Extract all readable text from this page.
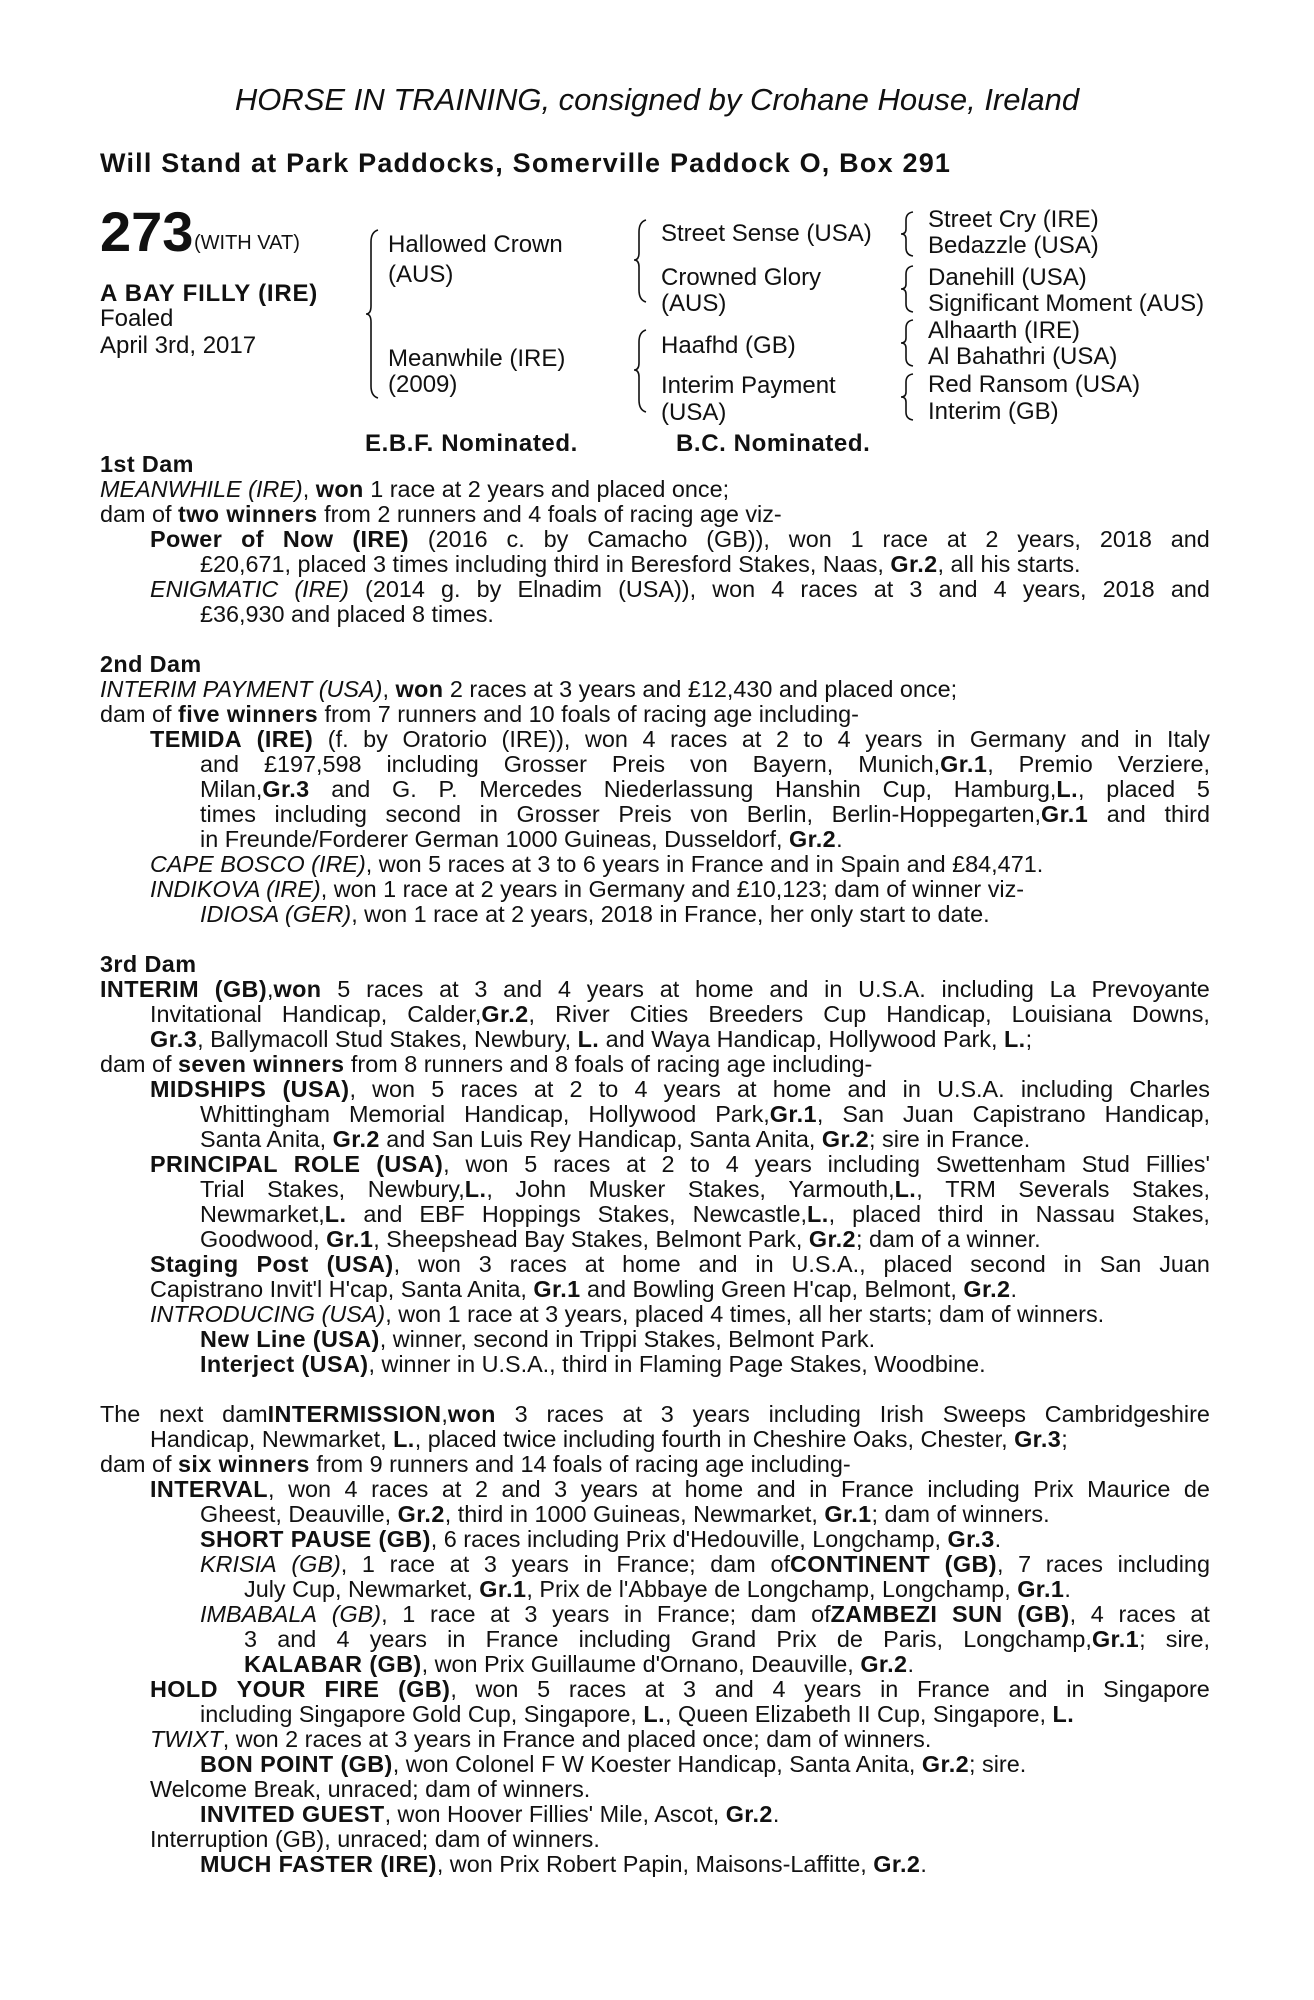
HORSE IN TRAINING, consigned by Crohane House, Ireland
Will Stand at Park Paddocks, Somerville Paddock O, Box 291
273 (WITH VAT)
A BAY FILLY (IRE)
Foaled
April 3rd, 2017
Hallowed Crown
(AUS)
Meanwhile (IRE)
(2009)
Street Sense (USA)
Crowned Glory
(AUS)
Haafhd (GB)
Interim Payment
(USA)
Street Cry (IRE)
Bedazzle (USA)
Danehill (USA)
Significant Moment (AUS)
Alhaarth (IRE)
Al Bahathri (USA)
Red Ransom (USA)
Interim (GB)
E.B.F. Nominated.	B.C. Nominated.
1st Dam
MEANWHILE (IRE), won 1 race at 2 years and placed once;
dam of two winners from 2 runners and 4 foals of racing age viz-
Power of Now (IRE) (2016 c. by Camacho (GB)), won 1 race at 2 years, 2018 and
£20,671, placed 3 times including third in Beresford Stakes, Naas, Gr.2, all his starts.
ENIGMATIC (IRE) (2014 g. by Elnadim (USA)), won 4 races at 3 and 4 years, 2018 and
£36,930 and placed 8 times.
2nd Dam
INTERIM PAYMENT (USA), won 2 races at 3 years and £12,430 and placed once;
dam of five winners from 7 runners and 10 foals of racing age including-
TEMIDA (IRE) (f. by Oratorio (IRE)), won 4 races at 2 to 4 years in Germany and in Italy
and £197,598 including Grosser Preis von Bayern, Munich,Gr.1, Premio Verziere,
Milan,Gr.3 and G. P. Mercedes Niederlassung Hanshin Cup, Hamburg,L., placed 5
times including second in Grosser Preis von Berlin, Berlin-Hoppegarten,Gr.1 and third
in Freunde/Forderer German 1000 Guineas, Dusseldorf, Gr.2.
CAPE BOSCO (IRE), won 5 races at 3 to 6 years in France and in Spain and £84,471.
INDIKOVA (IRE), won 1 race at 2 years in Germany and £10,123; dam of winner viz-
IDIOSA (GER), won 1 race at 2 years, 2018 in France, her only start to date.
3rd Dam
INTERIM (GB),won 5 races at 3 and 4 years at home and in U.S.A. including La Prevoyante
Invitational Handicap, Calder,Gr.2, River Cities Breeders Cup Handicap, Louisiana Downs,
Gr.3, Ballymacoll Stud Stakes, Newbury, L. and Waya Handicap, Hollywood Park, L.;
dam of seven winners from 8 runners and 8 foals of racing age including-
MIDSHIPS (USA), won 5 races at 2 to 4 years at home and in U.S.A. including Charles
Whittingham Memorial Handicap, Hollywood Park,Gr.1, San Juan Capistrano Handicap,
Santa Anita, Gr.2 and San Luis Rey Handicap, Santa Anita, Gr.2; sire in France.
PRINCIPAL ROLE (USA), won 5 races at 2 to 4 years including Swettenham Stud Fillies'
Trial Stakes, Newbury,L., John Musker Stakes, Yarmouth,L., TRM Severals Stakes,
Newmarket,L. and EBF Hoppings Stakes, Newcastle,L., placed third in Nassau Stakes,
Goodwood, Gr.1, Sheepshead Bay Stakes, Belmont Park, Gr.2; dam of a winner.
Staging Post (USA), won 3 races at home and in U.S.A., placed second in San Juan
Capistrano Invit'l H'cap, Santa Anita, Gr.1 and Bowling Green H'cap, Belmont, Gr.2.
INTRODUCING (USA), won 1 race at 3 years, placed 4 times, all her starts; dam of winners.
New Line (USA), winner, second in Trippi Stakes, Belmont Park.
Interject (USA), winner in U.S.A., third in Flaming Page Stakes, Woodbine.
The next damINTERMISSION,won 3 races at 3 years including Irish Sweeps Cambridgeshire
Handicap, Newmarket, L., placed twice including fourth in Cheshire Oaks, Chester, Gr.3;
dam of six winners from 9 runners and 14 foals of racing age including-
INTERVAL, won 4 races at 2 and 3 years at home and in France including Prix Maurice de
Gheest, Deauville, Gr.2, third in 1000 Guineas, Newmarket, Gr.1; dam of winners.
SHORT PAUSE (GB), 6 races including Prix d'Hedouville, Longchamp, Gr.3.
KRISIA (GB), 1 race at 3 years in France; dam ofCONTINENT (GB), 7 races including
July Cup, Newmarket, Gr.1, Prix de l'Abbaye de Longchamp, Longchamp, Gr.1.
IMBABALA (GB), 1 race at 3 years in France; dam ofZAMBEZI SUN (GB), 4 races at
3 and 4 years in France including Grand Prix de Paris, Longchamp,Gr.1; sire,
KALABAR (GB), won Prix Guillaume d'Ornano, Deauville, Gr.2.
HOLD YOUR FIRE (GB), won 5 races at 3 and 4 years in France and in Singapore
including Singapore Gold Cup, Singapore, L., Queen Elizabeth II Cup, Singapore, L.
TWIXT, won 2 races at 3 years in France and placed once; dam of winners.
BON POINT (GB), won Colonel F W Koester Handicap, Santa Anita, Gr.2; sire.
Welcome Break, unraced; dam of winners.
INVITED GUEST, won Hoover Fillies' Mile, Ascot, Gr.2.
Interruption (GB), unraced; dam of winners.
MUCH FASTER (IRE), won Prix Robert Papin, Maisons-Laffitte, Gr.2.
